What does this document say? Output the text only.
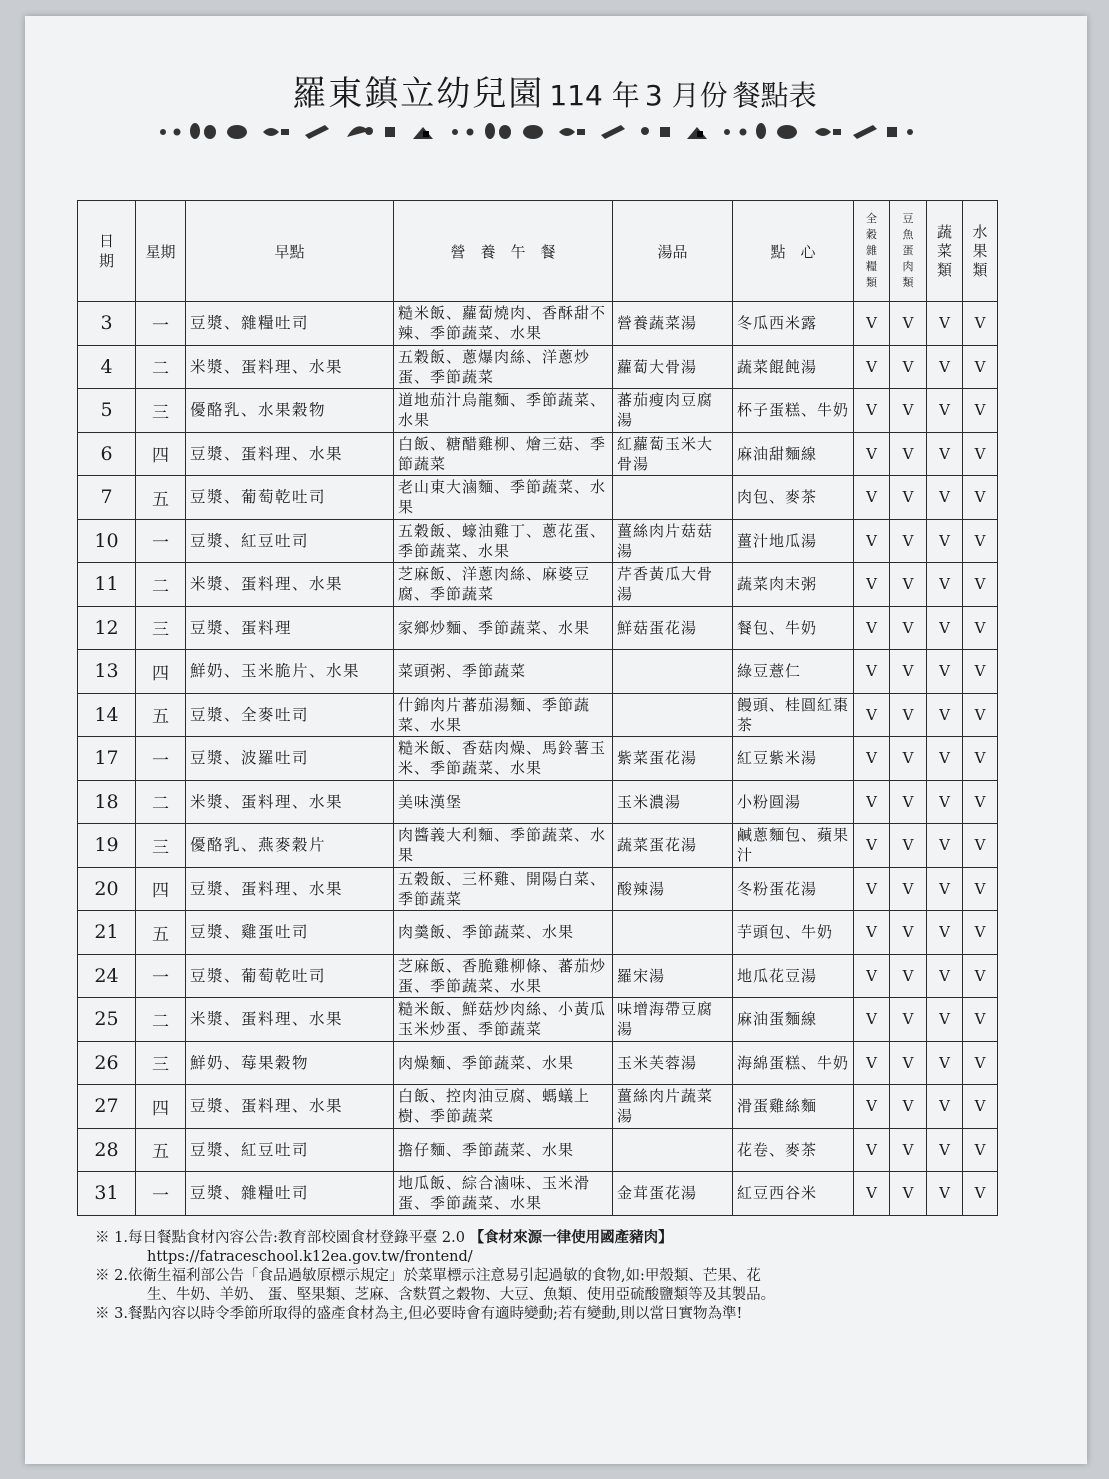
羅東鎮立幼兒園 114 年 3 月份 餐點表
日期	星期	早點	營　養　午　餐	湯品	點　心	全穀雜糧類	豆魚蛋肉類	蔬菜類	水果類
3	一	豆漿、雜糧吐司	糙米飯、蘿蔔燒肉、香酥甜不辣、季節蔬菜、水果	營養蔬菜湯	冬瓜西米露	V	V	V	V
4	二	米漿、蛋料理、水果	五穀飯、蔥爆肉絲、洋蔥炒蛋、季節蔬菜	蘿蔔大骨湯	蔬菜餛飩湯	V	V	V	V
5	三	優酪乳、水果穀物	道地茄汁烏龍麵、季節蔬菜、水果	蕃茄瘦肉豆腐湯	杯子蛋糕、牛奶	V	V	V	V
6	四	豆漿、蛋料理、水果	白飯、糖醋雞柳、燴三菇、季節蔬菜	紅蘿蔔玉米大骨湯	麻油甜麵線	V	V	V	V
7	五	豆漿、葡萄乾吐司	老山東大滷麵、季節蔬菜、水果		肉包、麥茶	V	V	V	V
10	一	豆漿、紅豆吐司	五穀飯、蠔油雞丁、蔥花蛋、季節蔬菜、水果	薑絲肉片菇菇湯	薑汁地瓜湯	V	V	V	V
11	二	米漿、蛋料理、水果	芝麻飯、洋蔥肉絲、麻婆豆腐、季節蔬菜	芹香黃瓜大骨湯	蔬菜肉末粥	V	V	V	V
12	三	豆漿、蛋料理	家鄉炒麵、季節蔬菜、水果	鮮菇蛋花湯	餐包、牛奶	V	V	V	V
13	四	鮮奶、玉米脆片、水果	菜頭粥、季節蔬菜		綠豆薏仁	V	V	V	V
14	五	豆漿、全麥吐司	什錦肉片蕃茄湯麵、季節蔬菜、水果		饅頭、桂圓紅棗茶	V	V	V	V
17	一	豆漿、波羅吐司	糙米飯、香菇肉燥、馬鈴薯玉米、季節蔬菜、水果	紫菜蛋花湯	紅豆紫米湯	V	V	V	V
18	二	米漿、蛋料理、水果	美味漢堡	玉米濃湯	小粉圓湯	V	V	V	V
19	三	優酪乳、燕麥穀片	肉醬義大利麵、季節蔬菜、水果	蔬菜蛋花湯	鹹蔥麵包、蘋果汁	V	V	V	V
20	四	豆漿、蛋料理、水果	五穀飯、三杯雞、開陽白菜、季節蔬菜	酸辣湯	冬粉蛋花湯	V	V	V	V
21	五	豆漿、雞蛋吐司	肉羹飯、季節蔬菜、水果		芋頭包、牛奶	V	V	V	V
24	一	豆漿、葡萄乾吐司	芝麻飯、香脆雞柳條、蕃茄炒蛋、季節蔬菜、水果	羅宋湯	地瓜花豆湯	V	V	V	V
25	二	米漿、蛋料理、水果	糙米飯、鮮菇炒肉絲、小黃瓜玉米炒蛋、季節蔬菜	味增海帶豆腐湯	麻油蛋麵線	V	V	V	V
26	三	鮮奶、莓果穀物	肉燥麵、季節蔬菜、水果	玉米芙蓉湯	海綿蛋糕、牛奶	V	V	V	V
27	四	豆漿、蛋料理、水果	白飯、控肉油豆腐、螞蟻上樹、季節蔬菜	薑絲肉片蔬菜湯	滑蛋雞絲麵	V	V	V	V
28	五	豆漿、紅豆吐司	擔仔麵、季節蔬菜、水果		花卷、麥茶	V	V	V	V
31	一	豆漿、雜糧吐司	地瓜飯、綜合滷味、玉米滑蛋、季節蔬菜、水果	金茸蛋花湯	紅豆西谷米	V	V	V	V
※ 1.每日餐點食材內容公告:教育部校園食材登錄平臺 2.0 【食材來源一律使用國產豬肉】
https://fatraceschool.k12ea.gov.tw/frontend/
※ 2.依衛生福利部公告「食品過敏原標示規定」於菜單標示注意易引起過敏的食物,如:甲殼類、芒果、花
生、牛奶、羊奶、 蛋、堅果類、芝麻、含麩質之穀物、大豆、魚類、使用亞硫酸鹽類等及其製品。
※ 3.餐點內容以時令季節所取得的盛產食材為主,但必要時會有適時變動;若有變動,則以當日實物為準!
